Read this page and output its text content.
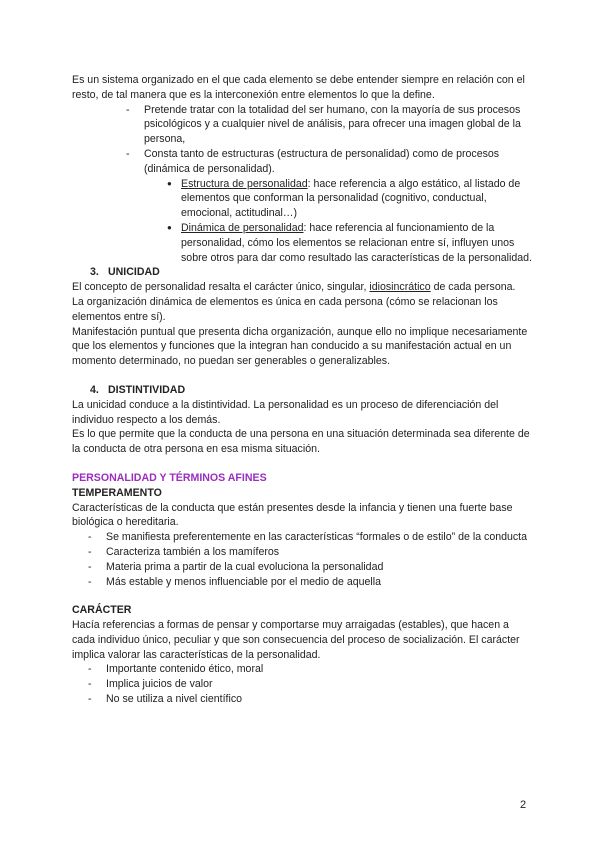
Es un sistema organizado en el que cada elemento se debe entender siempre en relación con el resto, de tal manera que es la interconexión entre elementos lo que la define.

- Pretende tratar con la totalidad del ser humano, con la mayoría de sus procesos psicológicos y a cualquier nivel de análisis, para ofrecer una imagen global de la persona,
- Consta tanto de estructuras (estructura de personalidad) como de procesos (dinámica de personalidad).
● Estructura de personalidad: hace referencia a algo estático, al listado de elementos que conforman la personalidad (cognitivo, conductual, emocional, actitudinal…)
● Dinámica de personalidad: hace referencia al funcionamiento de la personalidad, cómo los elementos se relacionan entre sí, influyen unos sobre otros para dar como resultado las características de la personalidad.

3. UNICIDAD

El concepto de personalidad resalta el carácter único, singular, idiosincrático de cada persona.

La organización dinámica de elementos es única en cada persona (cómo se relacionan los elementos entre sí).

Manifestación puntual que presenta dicha organización, aunque ello no implique necesariamente que los elementos y funciones que la integran han conducido a su manifestación actual en un momento determinado, no puedan ser generables o generalizables.

4. DISTINTIVIDAD

La unicidad conduce a la distintividad. La personalidad es un proceso de diferenciación del individuo respecto a los demás.

Es lo que permite que la conducta de una persona en una situación determinada sea diferente de la conducta de otra persona en esa misma situación.

PERSONALIDAD Y TÉRMINOS AFINES

TEMPERAMENTO

Características de la conducta que están presentes desde la infancia y tienen una fuerte base biológica o hereditaria.

- Se manifiesta preferentemente en las características “formales o de estilo” de la conducta
- Caracteriza también a los mamíferos
- Materia prima a partir de la cual evoluciona la personalidad
- Más estable y menos influenciable por el medio de aquella

CARÁCTER

Hacía referencias a formas de pensar y comportarse muy arraigadas (estables), que hacen a cada individuo único, peculiar y que son consecuencia del proceso de socialización. El carácter implica valorar las características de la personalidad.

- Importante contenido ético, moral
- Implica juicios de valor
- No se utiliza a nivel científico
2
